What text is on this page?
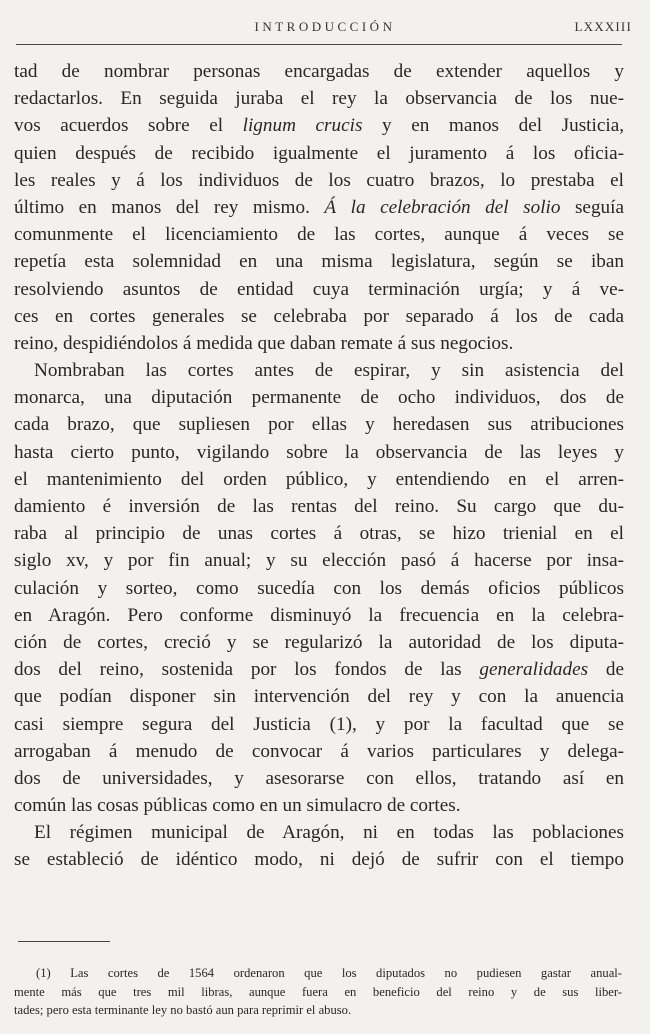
INTRODUCCIÓN	LXXXIII
tad de nombrar personas encargadas de extender aquellos y
redactarlos. En seguida juraba el rey la observancia de los nue-
vos acuerdos sobre el lignum crucis y en manos del Justicia,
quien después de recibido igualmente el juramento á los oficia-
les reales y á los individuos de los cuatro brazos, lo prestaba el
último en manos del rey mismo. Á la celebración del solio seguía
comunmente el licenciamiento de las cortes, aunque á veces se
repetía esta solemnidad en una misma legislatura, según se iban
resolviendo asuntos de entidad cuya terminación urgía; y á ve-
ces en cortes generales se celebraba por separado á los de cada
reino, despidiéndolos á medida que daban remate á sus negocios.
Nombraban las cortes antes de espirar, y sin asistencia del
monarca, una diputación permanente de ocho individuos, dos de
cada brazo, que supliesen por ellas y heredasen sus atribuciones
hasta cierto punto, vigilando sobre la observancia de las leyes y
el mantenimiento del orden público, y entendiendo en el arren-
damiento é inversión de las rentas del reino. Su cargo que du-
raba al principio de unas cortes á otras, se hizo trienial en el
siglo xv, y por fin anual; y su elección pasó á hacerse por insa-
culación y sorteo, como sucedía con los demás oficios públicos
en Aragón. Pero conforme disminuyó la frecuencia en la celebra-
ción de cortes, creció y se regularizó la autoridad de los diputa-
dos del reino, sostenida por los fondos de las generalidades de
que podían disponer sin intervención del rey y con la anuencia
casi siempre segura del Justicia (1), y por la facultad que se
arrogaban á menudo de convocar á varios particulares y delega-
dos de universidades, y asesorarse con ellos, tratando así en
común las cosas públicas como en un simulacro de cortes.
El régimen municipal de Aragón, ni en todas las poblaciones
se estableció de idéntico modo, ni dejó de sufrir con el tiempo
(1) Las cortes de 1564 ordenaron que los diputados no pudiesen gastar anual-
mente más que tres mil libras, aunque fuera en beneficio del reino y de sus liber-
tades; pero esta terminante ley no bastó aun para reprimir el abuso.
